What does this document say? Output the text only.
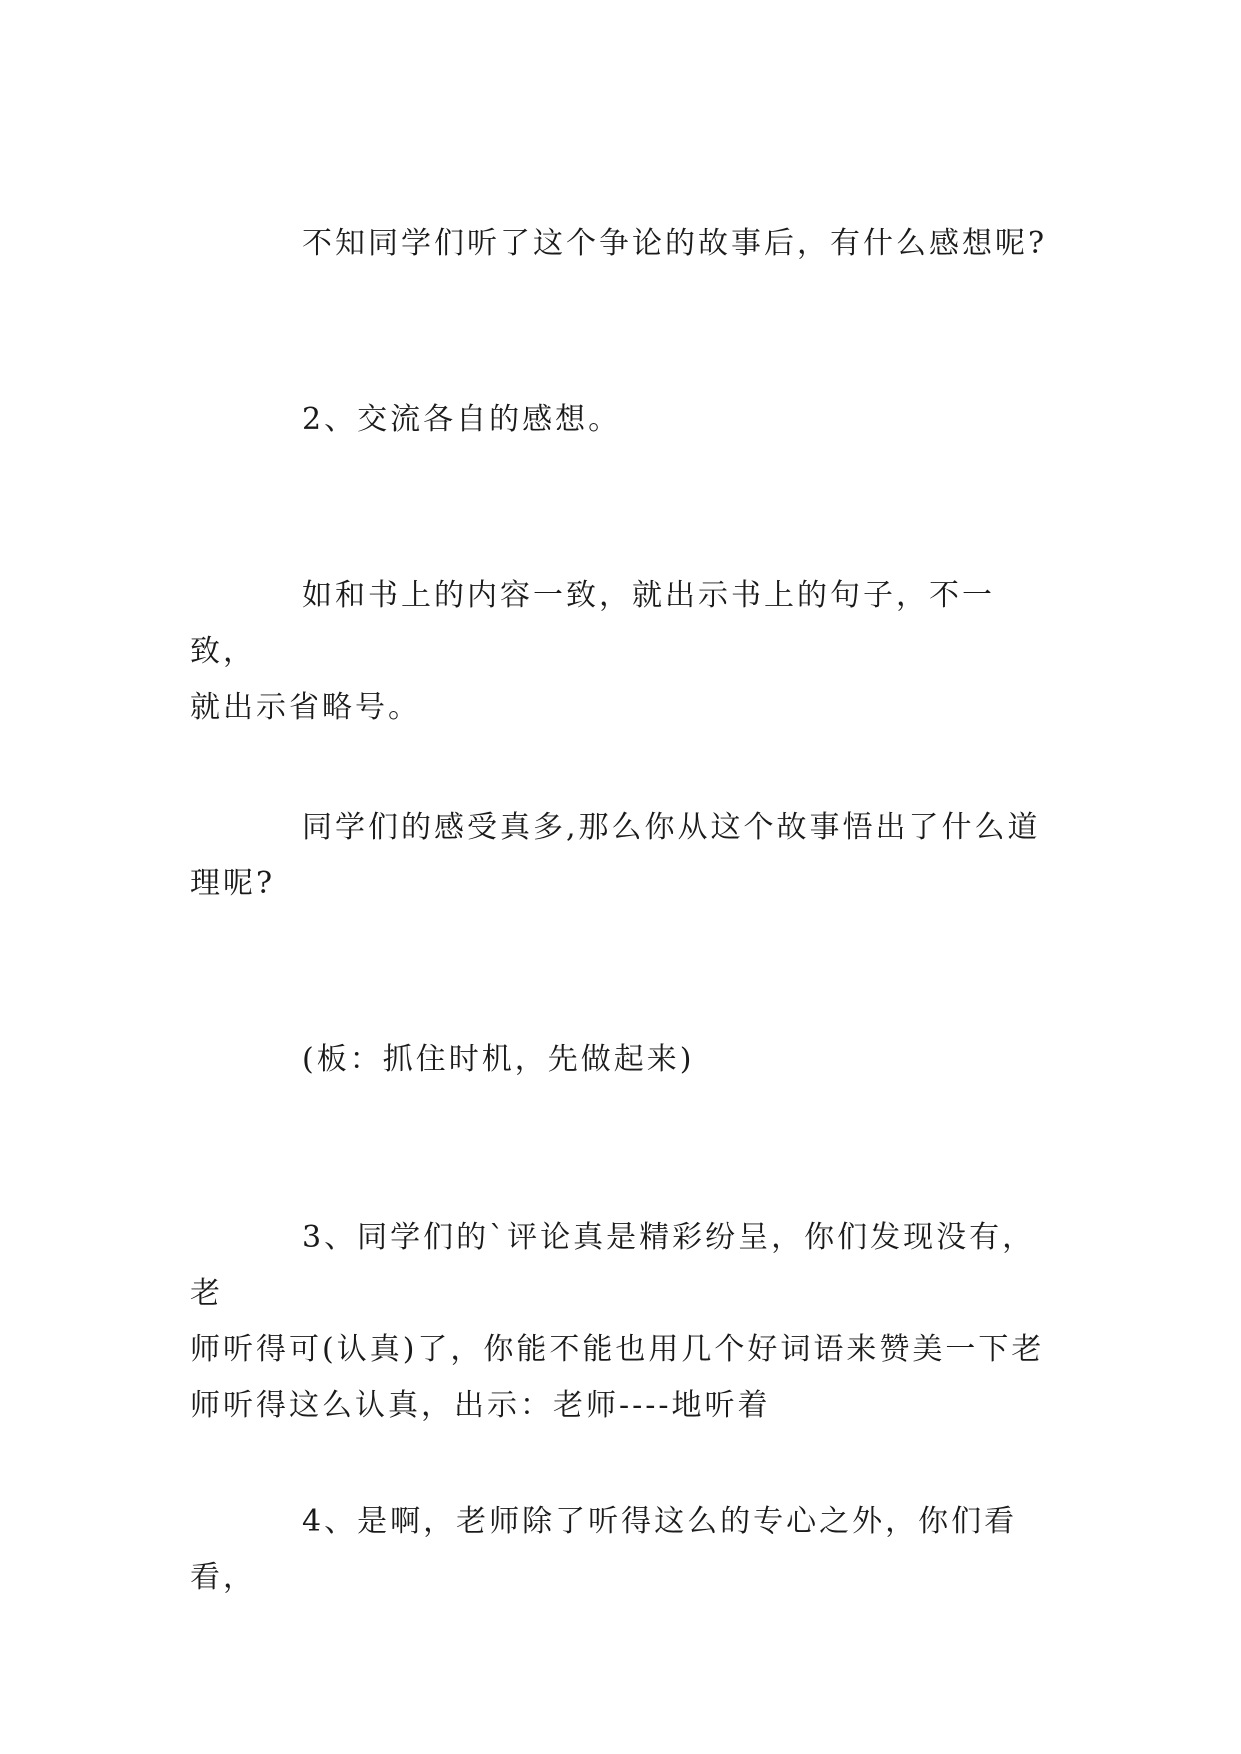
不知同学们听了这个争论的故事后，有什么感想呢?

2、交流各自的感想。

如和书上的内容一致，就出示书上的句子，不一致，
就出示省略号。

同学们的感受真多,那么你从这个故事悟出了什么道
理呢?

(板：抓住时机，先做起来)

3、同学们的`评论真是精彩纷呈，你们发现没有，老
师听得可(认真)了，你能不能也用几个好词语来赞美一下老
师听得这么认真，出示：老师----地听着

4、是啊，老师除了听得这么的专心之外，你们看看，
